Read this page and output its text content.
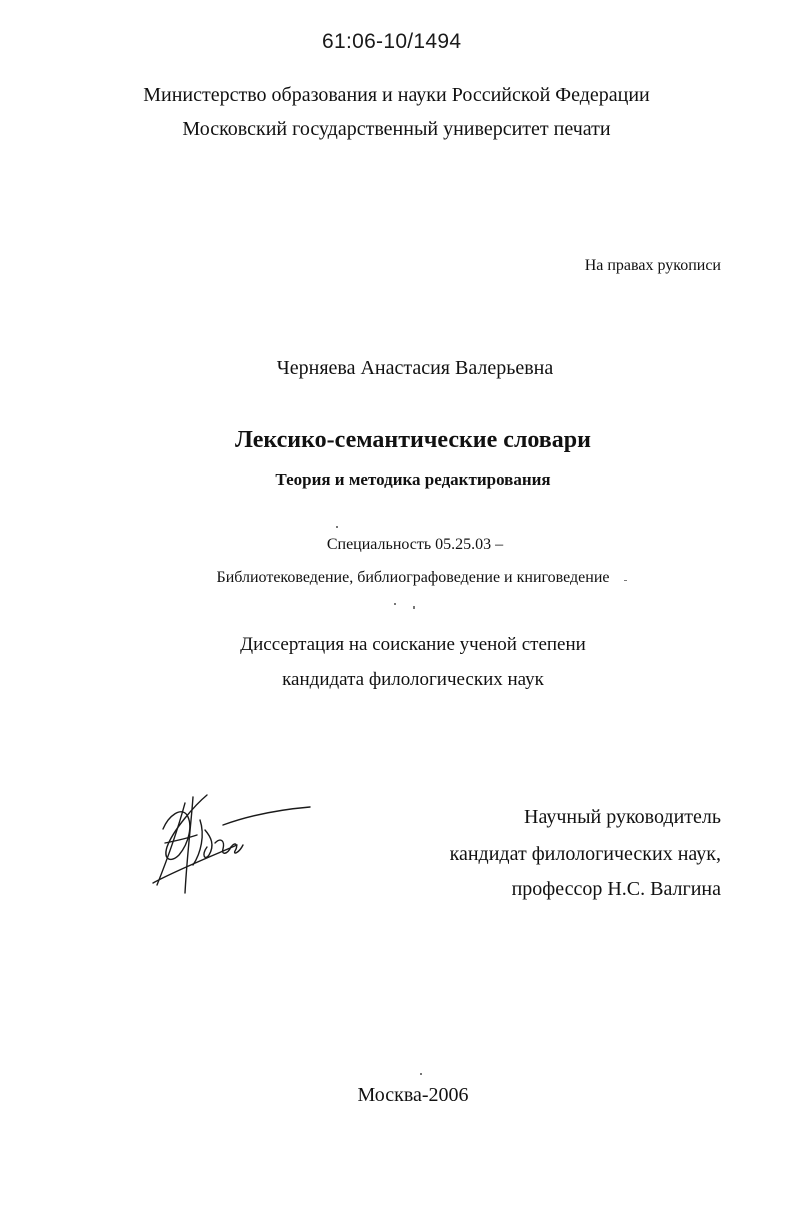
61:06-10/1494
Министерство образования и науки Российской Федерации
Московский государственный университет печати
На правах рукописи
Черняева Анастасия Валерьевна
Лексико-семантические словари
Теория и методика редактирования
Специальность 05.25.03 –
Библиотековедение, библиографоведение и книговедение
Диссертация на соискание ученой степени
кандидата филологических наук
Научный руководитель
кандидат филологических наук,
профессор Н.С. Валгина
Москва-2006
